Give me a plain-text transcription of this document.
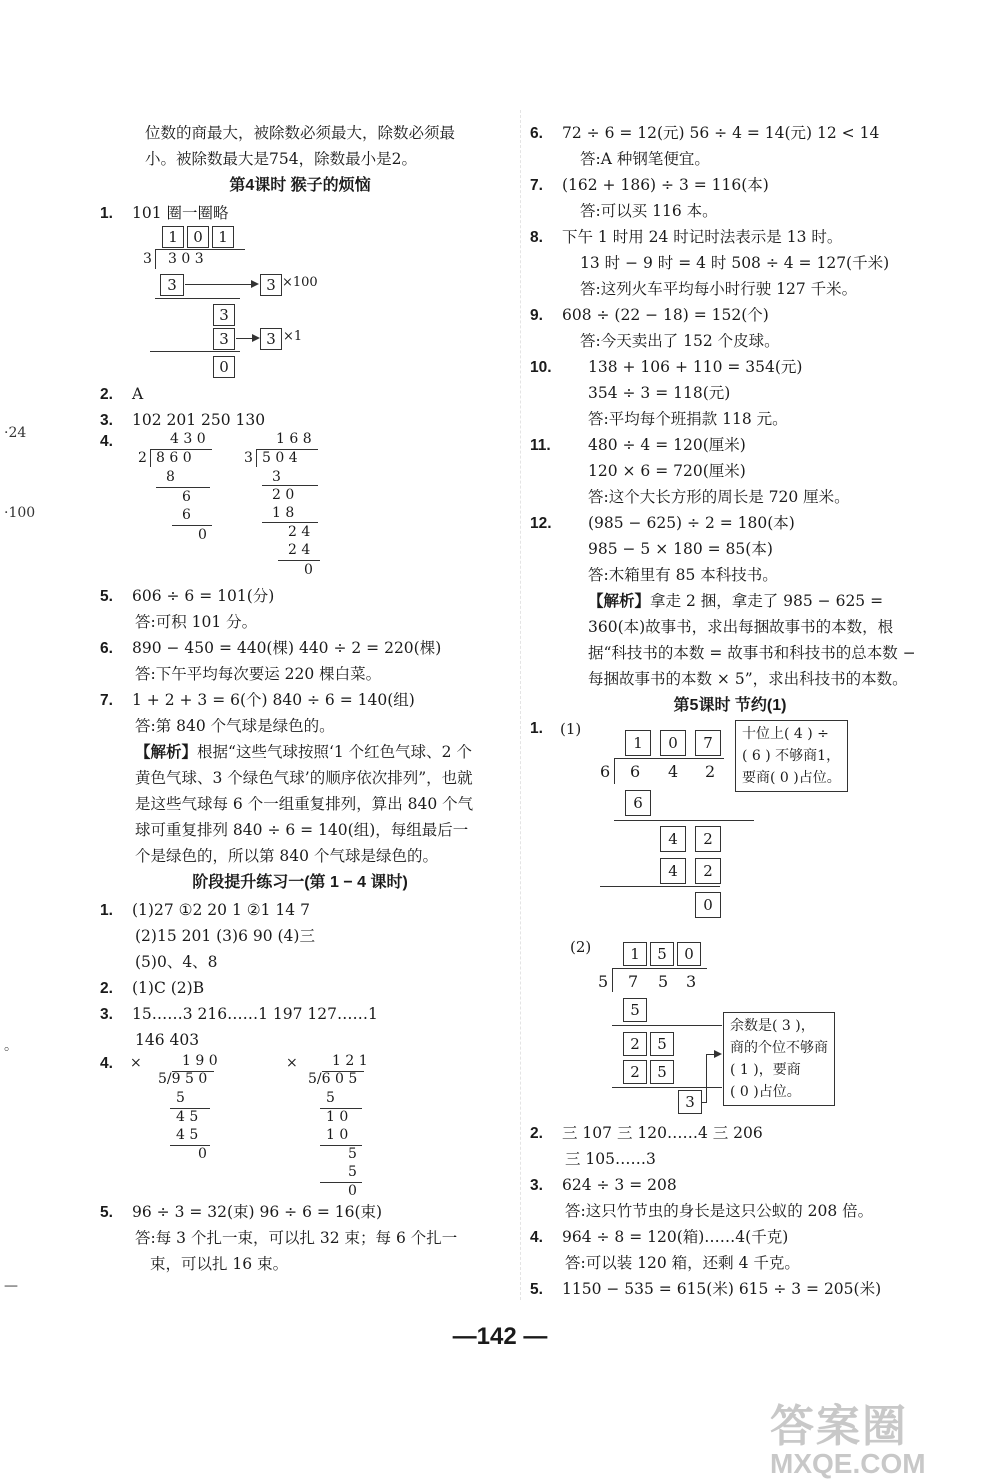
·24
·100
。
—
位数的商最大，被除数必须最大，除数必须最
小。被除数最大是754，除数最小是2。
第4课时 猴子的烦恼
1. 101 圈一圈略
1	0	1
3 3 0 3
3	3 ×100
3
3	3 ×1
0
2. A
3. 102 201 250 130
4.	4 3 0
2 8 6 0
8
6
6
0
1 6 8
3 5 0 4
3
2 0
1 8
2 4
2 4
0
5. 606 ÷ 6 = 101(分)
答:可积 101 分。
6. 890 − 450 = 440(棵) 440 ÷ 2 = 220(棵)
答:下午平均每次要运 220 棵白菜。
7. 1 + 2 + 3 = 6(个) 840 ÷ 6 = 140(组)
答:第 840 个气球是绿色的。
【解析】根据“这些气球按照‘1 个红色气球、2 个黄色气球、3 个绿色气球’的顺序依次排列”，也就是这些气球每 6 个一组重复排列，算出 840 个气球可重复排列 840 ÷ 6 = 140(组)，每组最后一个是绿色的，所以第 840 个气球是绿色的。
阶段提升练习一(第 1 − 4 课时)
1. (1)27 ①2 20 1 ②1 14 7
(2)15 201 (3)6 90 (4)三
(5)0、4、8
2. (1)C (2)B
3. 15……3 216……1 197 127……1
146 403
4. ×	1 9 0
5/9 5 0
5
4 5
4 5
0
× 1 2 1
5/6 0 5
5
1 0
1 0
5
5
0
5. 96 ÷ 3 = 32(束) 96 ÷ 6 = 16(束)
答:每 3 个扎一束，可以扎 32 束；每 6 个扎一
束，可以扎 16 束。
6. 72 ÷ 6 = 12(元) 56 ÷ 4 = 14(元) 12 < 14
答:A 种钢笔便宜。
7. (162 + 186) ÷ 3 = 116(本)
答:可以买 116 本。
8. 下午 1 时用 24 时记时法表示是 13 时。
13 时 − 9 时 = 4 时 508 ÷ 4 = 127(千米)
答:这列火车平均每小时行驶 127 千米。
9. 608 ÷ (22 − 18) = 152(个)
答:今天卖出了 152 个皮球。
10. 138 + 106 + 110 = 354(元)
354 ÷ 3 = 118(元)
答:平均每个班捐款 118 元。
11. 480 ÷ 4 = 120(厘米)
120 × 6 = 720(厘米)
答:这个大长方形的周长是 720 厘米。
12. (985 − 625) ÷ 2 = 180(本)
985 − 5 × 180 = 85(本)
答:木箱里有 85 本科技书。
【解析】拿走 2 捆，拿走了 985 − 625 = 360(本)故事书，求出每捆故事书的本数，根据“科技书的本数 = 故事书和科技书的总本数 − 每捆故事书的本数 × 5”，求出科技书的本数。
第5课时 节约(1)
1. (1)
1	0	7	十位上( 4 ) ÷
( 6 ) 不够商1，
要商( 0 )占位。
6 6 4 2
6
4	2
4	2
0
(2)	1	5	0
5 7 5 3
5
2	5
2	5
3
余数是( 3 )，
商的个位不够商
( 1 )，要商
( 0 )占位。
2. 三 107 三 120……4 三 206
三 105……3
3. 624 ÷ 3 = 208
答:这只竹节虫的身长是这只公蚁的 208 倍。
4. 964 ÷ 8 = 120(箱)……4(千克)
答:可以装 120 箱，还剩 4 千克。
5. 1150 − 535 = 615(米) 615 ÷ 3 = 205(米)
—142 —
答案圈
MXQE.COM
